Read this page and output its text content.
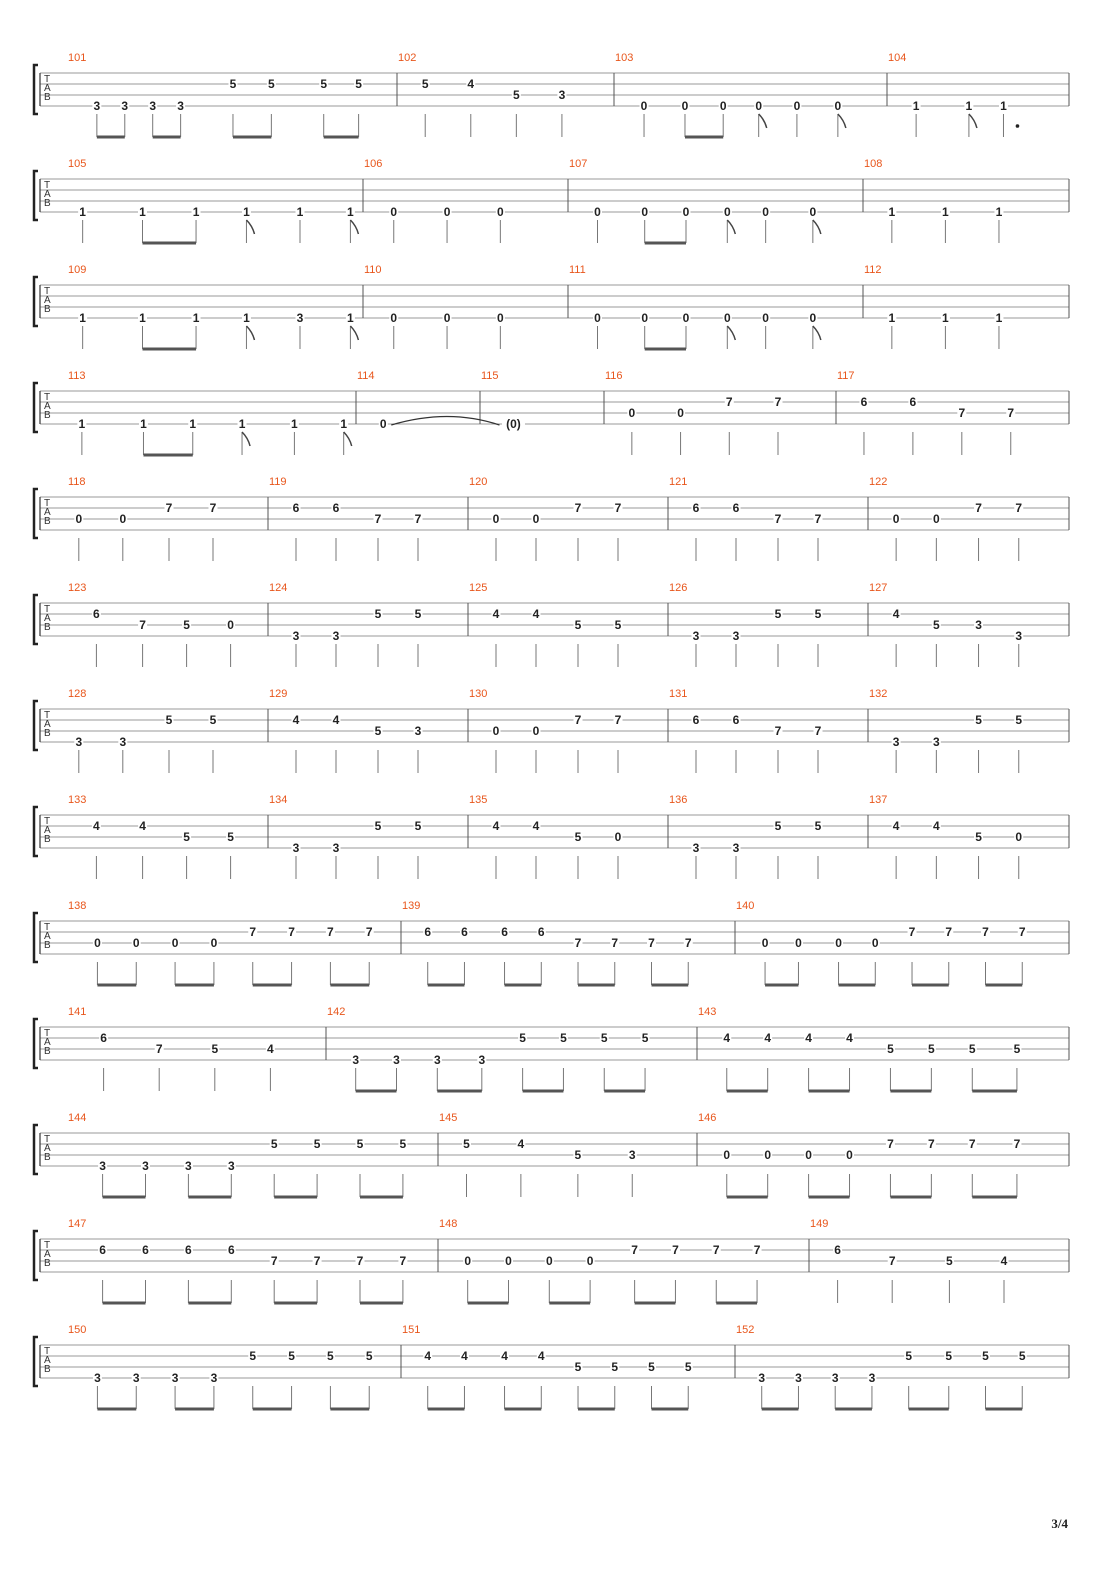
T
A
B
101
3 3 3 3
5	5	5 5
102
5	4
5	3
103
0	0	0 0	0	0
104
1	1 1
T
A
B
105
1	1	1	1	1	1
106
0	0	0
107
0	0	0	0	0	0
108
1	1	1
T
A
B
109
1	1	1	1	3	1
110
0	0	0
111
0	0	0	0	0	0
112
1	1	1
T
A
B
113
1	1	1	1	1	1
114
0
115
(0)
116
0	0
7	7
117
6	6
7	7
T
A
B
118
0	0
7	7
119
6	6
7	7
120
0	0
7	7
121
6	6
7	7
122
0	0
7	7
T
A
B
123
6
7	5	0
124
3	3
5	5
125
4	4
5	5
126
3	3
5	5
127
4
5	3
3
T
A
B
128
3	3
5	5
129
4	4
5	3
130
0	0
7	7
131
6	6
7	7
132
3	3
5	5
T
A
B
133
4	4
5	5
134
3	3
5	5
135
4	4
5	0
136
3	3
5	5
137
4	4
5	0
T
A
B
138
0	0	0	0
7	7	7	7
139
6	6	6	6
7	7	7	7
140
0 0	0	0
7	7	7	7
T
A
B
141
6
7	5	4
142
3	3	3	3
5	5	5	5
143
4	4	4	4
5	5	5	5
T
A
B
144
3	3	3	3
5	5	5	5
145
5	4
5	3
146
0	0	0	0
7	7	7	7
T
A
B
147
6	6	6	6
7	7	7	7
148
0	0	0	0
7	7	7	7
149
6
7	5	4
T
A
B
150
3	3	3	3
5	5	5	5
151
4	4	4	4
5	5	5	5
152
3	3	3	3
5	5	5	5
3/4
